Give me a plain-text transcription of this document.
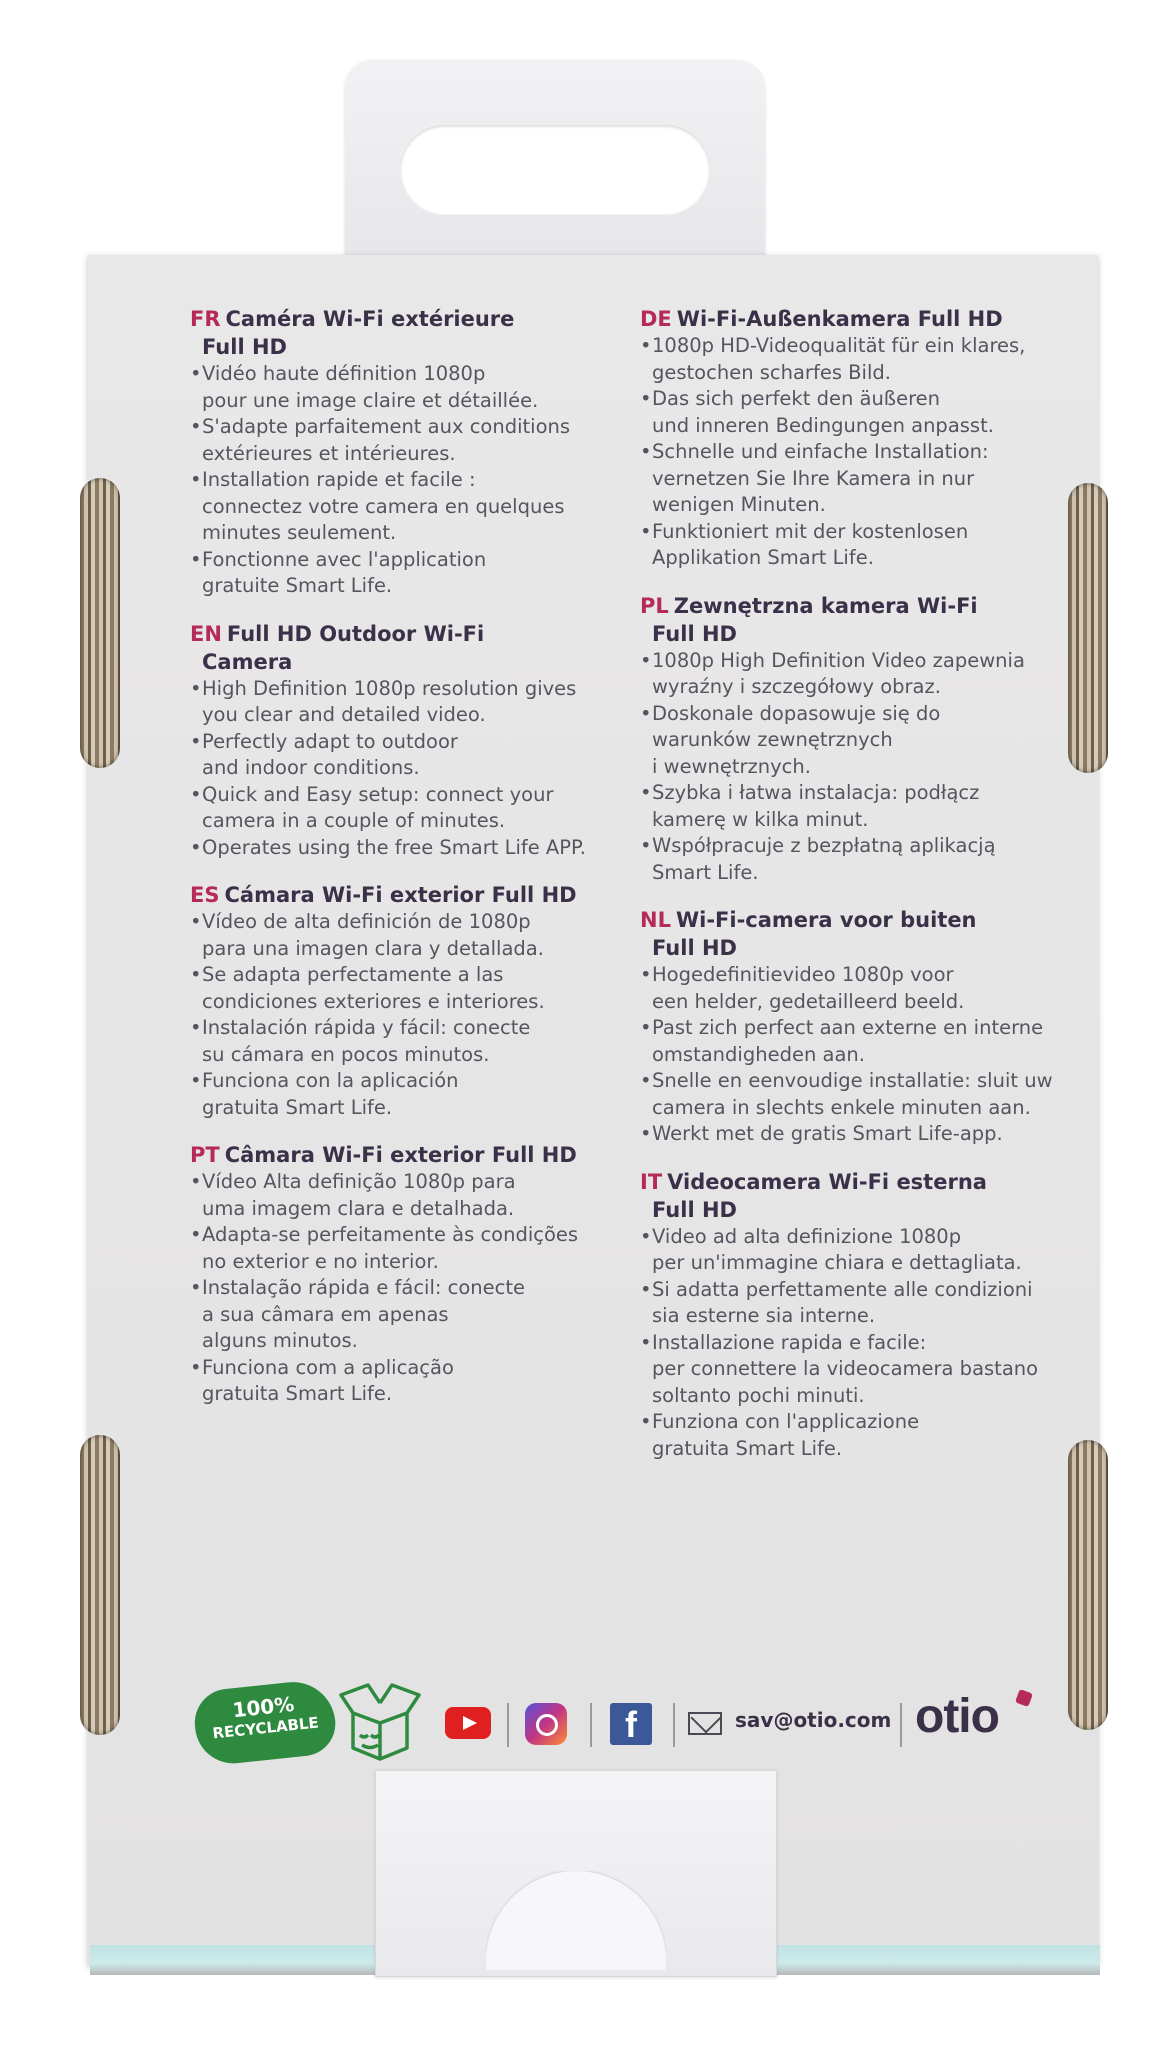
FR Caméra Wi-Fi extérieure
Full HD
• Vidéo haute définition 1080p
pour une image claire et détaillée.
• S'adapte parfaitement aux conditions
extérieures et intérieures.
• Installation rapide et facile :
connectez votre camera en quelques
minutes seulement.
• Fonctionne avec l'application
gratuite Smart Life.
EN Full HD Outdoor Wi-Fi
Camera
• High Definition 1080p resolution gives
you clear and detailed video.
• Perfectly adapt to outdoor
and indoor conditions.
• Quick and Easy setup: connect your
camera in a couple of minutes.
• Operates using the free Smart Life APP.
ES Cámara Wi-Fi exterior Full HD
• Vídeo de alta definición de 1080p
para una imagen clara y detallada.
• Se adapta perfectamente a las
condiciones exteriores e interiores.
• Instalación rápida y fácil: conecte
su cámara en pocos minutos.
• Funciona con la aplicación
gratuita Smart Life.
PT Câmara Wi-Fi exterior Full HD
• Vídeo Alta definição 1080p para
uma imagem clara e detalhada.
• Adapta-se perfeitamente às condições
no exterior e no interior.
• Instalação rápida e fácil: conecte
a sua câmara em apenas
alguns minutos.
• Funciona com a aplicação
gratuita Smart Life.
DE Wi-Fi-Außenkamera Full HD
• 1080p HD-Videoqualität für ein klares,
gestochen scharfes Bild.
• Das sich perfekt den äußeren
und inneren Bedingungen anpasst.
• Schnelle und einfache Installation:
vernetzen Sie Ihre Kamera in nur
wenigen Minuten.
• Funktioniert mit der kostenlosen
Applikation Smart Life.
PL Zewnętrzna kamera Wi-Fi
Full HD
• 1080p High Definition Video zapewnia
wyraźny i szczegółowy obraz.
• Doskonale dopasowuje się do
warunków zewnętrznych
i wewnętrznych.
• Szybka i łatwa instalacja: podłącz
kamerę w kilka minut.
• Współpracuje z bezpłatną aplikacją
Smart Life.
NL Wi-Fi-camera voor buiten
Full HD
• Hogedefinitievideo 1080p voor
een helder, gedetailleerd beeld.
• Past zich perfect aan externe en interne
omstandigheden aan.
• Snelle en eenvoudige installatie: sluit uw
camera in slechts enkele minuten aan.
• Werkt met de gratis Smart Life-app.
IT Videocamera Wi-Fi esterna
Full HD
• Video ad alta definizione 1080p
per un'immagine chiara e dettagliata.
• Si adatta perfettamente alle condizioni
sia esterne sia interne.
• Installazione rapida e facile:
per connettere la videocamera bastano
soltanto pochi minuti.
• Funziona con l'applicazione
gratuita Smart Life.
100%
RECYCLABLE	f	sav@otio.com otio
